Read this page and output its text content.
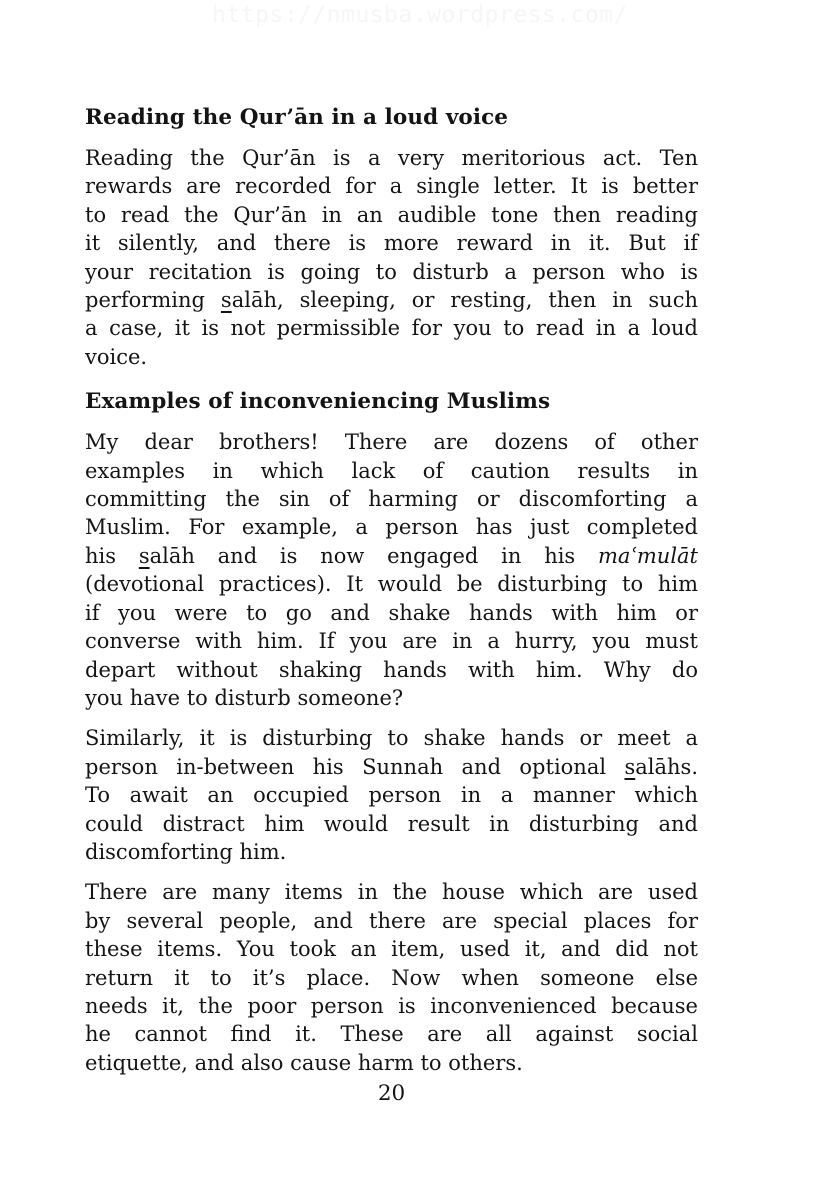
https://nmusba.wordpress.com/
Reading the Qur’ān in a loud voice
Reading the Qur’ān is a very meritorious act. Ten
rewards are recorded for a single letter. It is better
to read the Qur’ān in an audible tone then reading
it silently, and there is more reward in it. But if
your recitation is going to disturb a person who is
performing salāh, sleeping, or resting, then in such
a case, it is not permissible for you to read in a loud
voice.
Examples of inconveniencing Muslims
My dear brothers! There are dozens of other
examples in which lack of caution results in
committing the sin of harming or discomforting a
Muslim. For example, a person has just completed
his salāh and is now engaged in his maʿmulāt
(devotional practices). It would be disturbing to him
if you were to go and shake hands with him or
converse with him. If you are in a hurry, you must
depart without shaking hands with him. Why do
you have to disturb someone?
Similarly, it is disturbing to shake hands or meet a
person in-between his Sunnah and optional salāhs.
To await an occupied person in a manner which
could distract him would result in disturbing and
discomforting him.
There are many items in the house which are used
by several people, and there are special places for
these items. You took an item, used it, and did not
return it to it’s place. Now when someone else
needs it, the poor person is inconvenienced because
he cannot find it. These are all against social
etiquette, and also cause harm to others.
20
